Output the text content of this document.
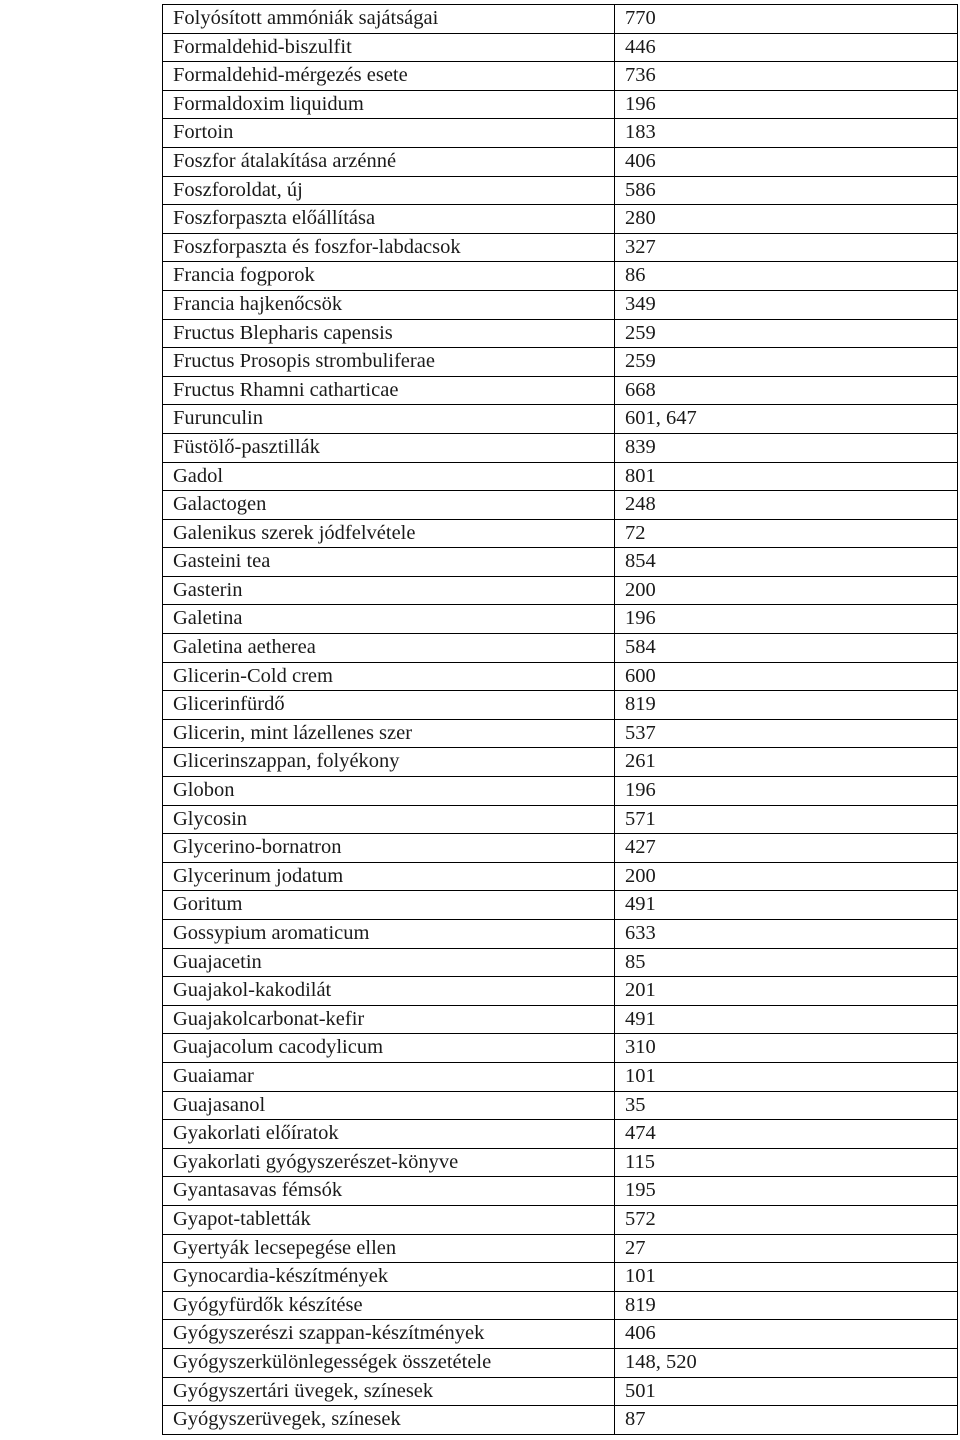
Folyósított ammóniák sajátságai	770
Formaldehid-biszulfit	446
Formaldehid-mérgezés esete	736
Formaldoxim liquidum	196
Fortoin	183
Foszfor átalakítása arzénné	406
Foszforoldat, új	586
Foszforpaszta előállítása	280
Foszforpaszta és foszfor-labdacsok	327
Francia fogporok	86
Francia hajkenőcsök	349
Fructus Blepharis capensis	259
Fructus Prosopis strombuliferae	259
Fructus Rhamni catharticae	668
Furunculin	601, 647
Füstölő-pasztillák	839
Gadol	801
Galactogen	248
Galenikus szerek jódfelvétele	72
Gasteini tea	854
Gasterin	200
Galetina	196
Galetina aetherea	584
Glicerin-Cold crem	600
Glicerinfürdő	819
Glicerin, mint lázellenes szer	537
Glicerinszappan, folyékony	261
Globon	196
Glycosin	571
Glycerino-bornatron	427
Glycerinum jodatum	200
Goritum	491
Gossypium aromaticum	633
Guajacetin	85
Guajakol-kakodilát	201
Guajakolcarbonat-kefir	491
Guajacolum cacodylicum	310
Guaiamar	101
Guajasanol	35
Gyakorlati előíratok	474
Gyakorlati gyógyszerészet-könyve	115
Gyantasavas fémsók	195
Gyapot-tabletták	572
Gyertyák lecsepegése ellen	27
Gynocardia-készítmények	101
Gyógyfürdők készítése	819
Gyógyszerészi szappan-készítmények	406
Gyógyszerkülönlegességek összetétele	148, 520
Gyógyszertári üvegek, színesek	501
Gyógyszerüvegek, színesek	87
